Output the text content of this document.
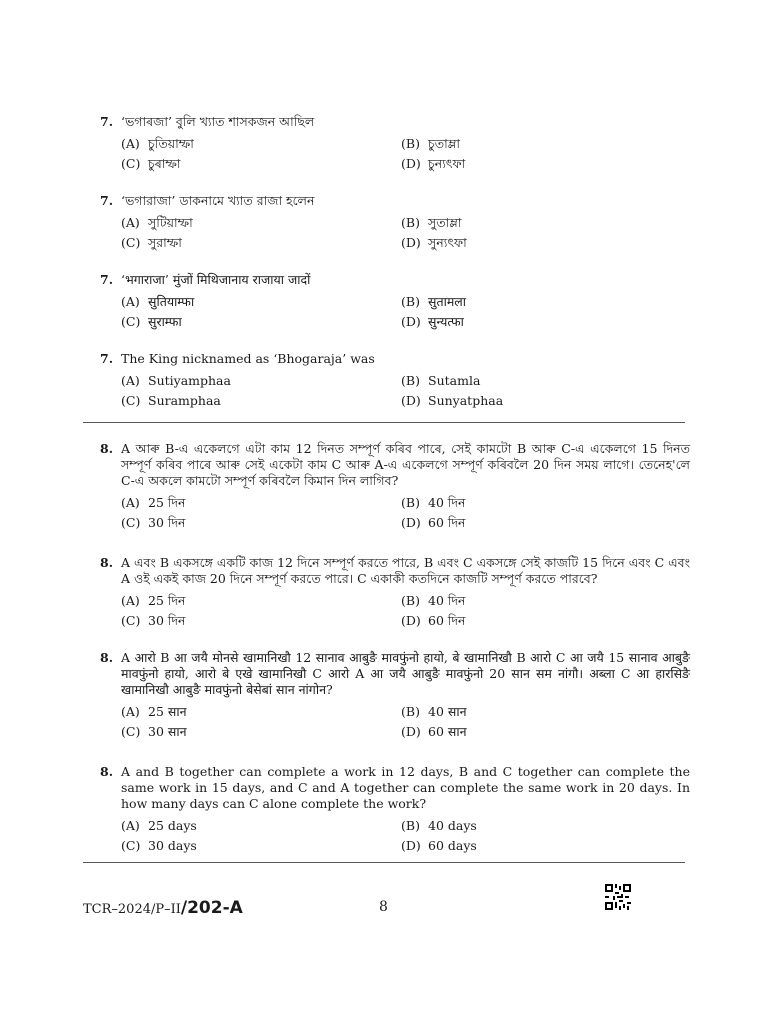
7. ‘ভগাৰজা’ বুলি খ্যাত শাসকজন আছিল
(A) চুতিয়াম্ফা	(B) চুতাম্লা
(C) চুৰাম্ফা	(D) চুন্যৎফা
7. ‘ভগারাজা’ ডাকনামে খ্যাত রাজা হলেন
(A) সুটিয়াম্ফা	(B) সুতাম্লা
(C) সুরাম্ফা	(D) সুন্যৎফা
7. ‘भगाराजा’ मुंजों मिथिजानाय राजाया जादों
(A) सुतियाम्फा	(B) सुतामला
(C) सुराम्फा	(D) सुन्यत्फा
7. The King nicknamed as ‘Bhogaraja’ was
(A) Sutiyamphaa	(B) Sutamla
(C) Suramphaa	(D) Sunyatphaa
8. A আৰু B-এ একেলগে এটা কাম 12 দিনত সম্পূৰ্ণ কৰিব পাৰে, সেই কামটো B আৰু C-এ একেলগে 15 দিনত সম্পূৰ্ণ কৰিব পাৰে আৰু সেই একেটা কাম C আৰু A-এ একেলগে সম্পূৰ্ণ কৰিবলৈ 20 দিন সময় লাগে। তেনেহ'লে C-এ অকলে কামটো সম্পূৰ্ণ কৰিবলৈ কিমান দিন লাগিব?
(A) 25 দিন	(B) 40 দিন
(C) 30 দিন	(D) 60 দিন
8. A এবং B একসঙ্গে একটি কাজ 12 দিনে সম্পূর্ণ করতে পারে, B এবং C একসঙ্গে সেই কাজটি 15 দিনে এবং C এবং A ওই একই কাজ 20 দিনে সম্পূর্ণ করতে পারে। C একাকী কতদিনে কাজটি সম্পূর্ণ করতে পারবে?
(A) 25 দিন	(B) 40 দিন
(C) 30 দিন	(D) 60 দিন
8. A आरो B आ जयै मोनसे खामानिखौ 12 सानाव आबुङै मावफुंनो हायो, बे खामानिखौ B आरो C आ जयै 15 सानाव आबुङै मावफुंनो हायो, आरो बे एखे खामानिखौ C आरो A आ जयै आबुङै मावफुंनो 20 सान सम नांगौ। अब्ला C आ हारसिङै खामानिखौ आबुङै मावफुंनो बेसेबां सान नांगोन?
(A) 25 सान	(B) 40 सान
(C) 30 सान	(D) 60 सान
8. A and B together can complete a work in 12 days, B and C together can complete the same work in 15 days, and C and A together can complete the same work in 20 days. In how many days can C alone complete the work?
(A) 25 days	(B) 40 days
(C) 30 days	(D) 60 days
TCR–2024/P–II/202-A	8
